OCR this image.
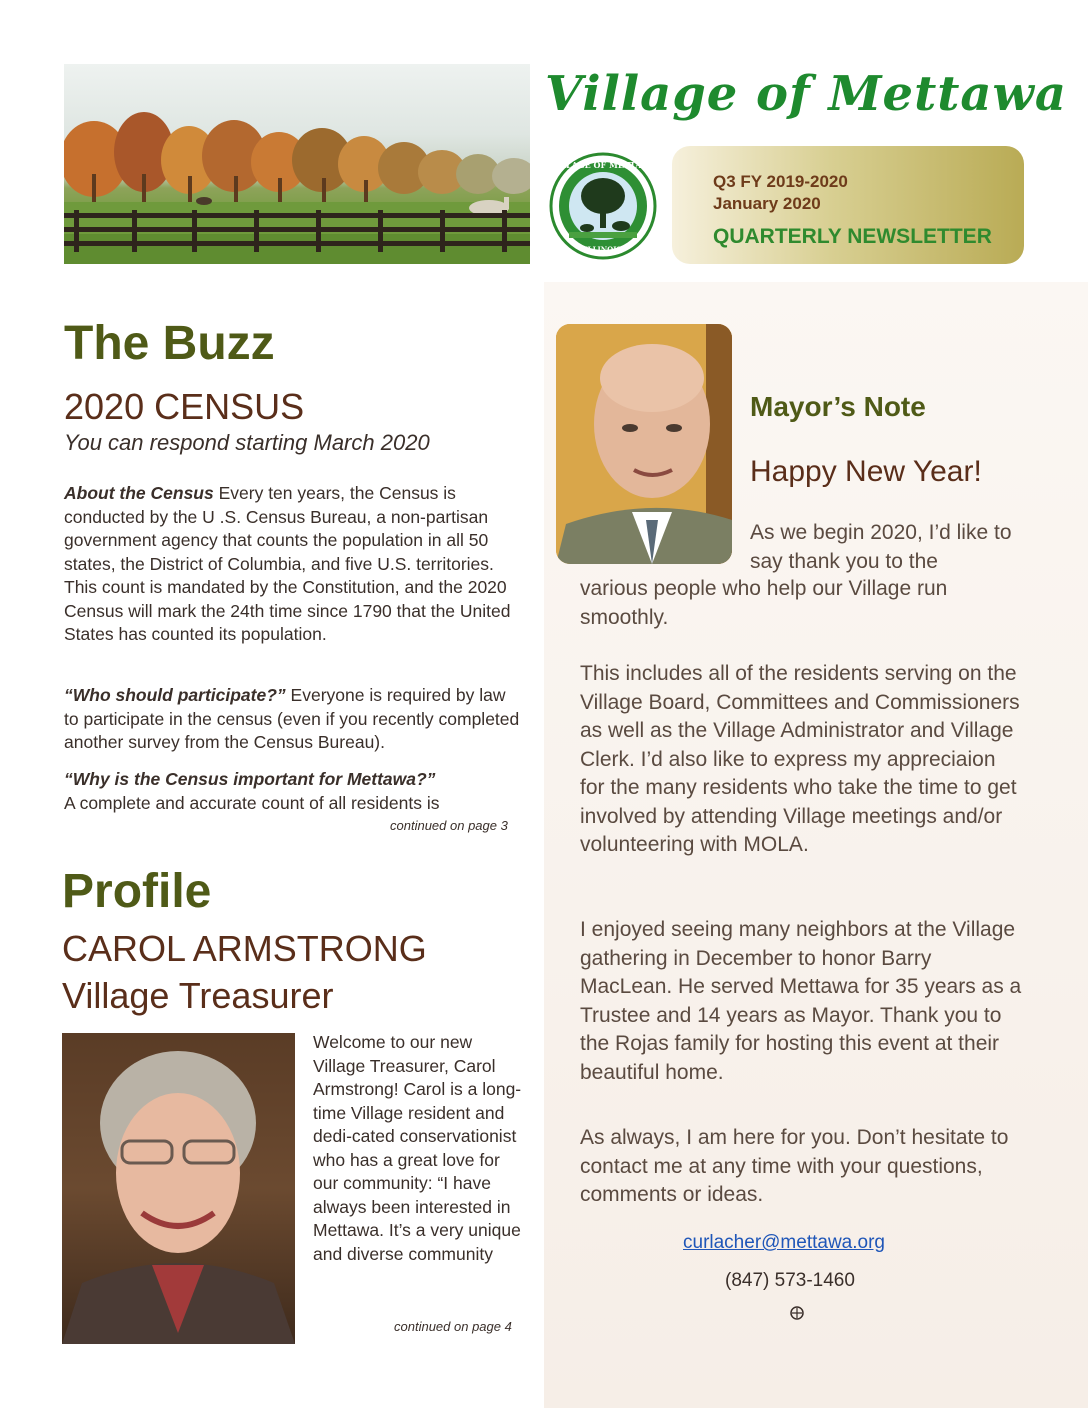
Village of Mettawa
VILLAGE OF METTAWA
ILLINOIS
Q3 FY 2019-2020
January 2020
QUARTERLY NEWSLETTER
The Buzz
2020 CENSUS
You can respond starting March 2020
About the Census Every ten years, the Census is conducted by the U .S. Census Bureau, a non-partisan government agency that counts the population in all 50 states, the District of Columbia, and five U.S. territories. This count is mandated by the Constitution, and the 2020 Census will mark the 24th time since 1790 that the United States has counted its population.
“Who should participate?” Everyone is required by law to participate in the census (even if you recently completed another survey from the Census Bureau).
“Why is the Census important for Mettawa?”
A complete and accurate count of all residents is
continued on page 3
Profile
CAROL ARMSTRONG
Village Treasurer
Welcome to our new Village Treasurer, Carol Armstrong! Carol is a long-time Village resident and dedi-cated conservationist who has a great love for our community: “I have always been interested in Mettawa. It’s a very unique and diverse community
continued on page 4
Mayor’s Note
Happy New Year!
As we begin 2020, I’d like to say thank you to the
various people who help our Village run smoothly.
This includes all of the residents serving on the Village Board, Committees and Commissioners as well as the Village Administrator and Village Clerk. I’d also like to express my appreciaion for the many residents who take the time to get involved by attending Village meetings and/or volunteering with MOLA.
I enjoyed seeing many neighbors at the Village gathering in December to honor Barry MacLean. He served Mettawa for 35 years as a Trustee and 14 years as Mayor. Thank you to the Rojas family for hosting this event at their beautiful home.
As always, I am here for you. Don’t hesitate to contact me at any time with your questions, comments or ideas.
curlacher@mettawa.org
(847) 573-1460
